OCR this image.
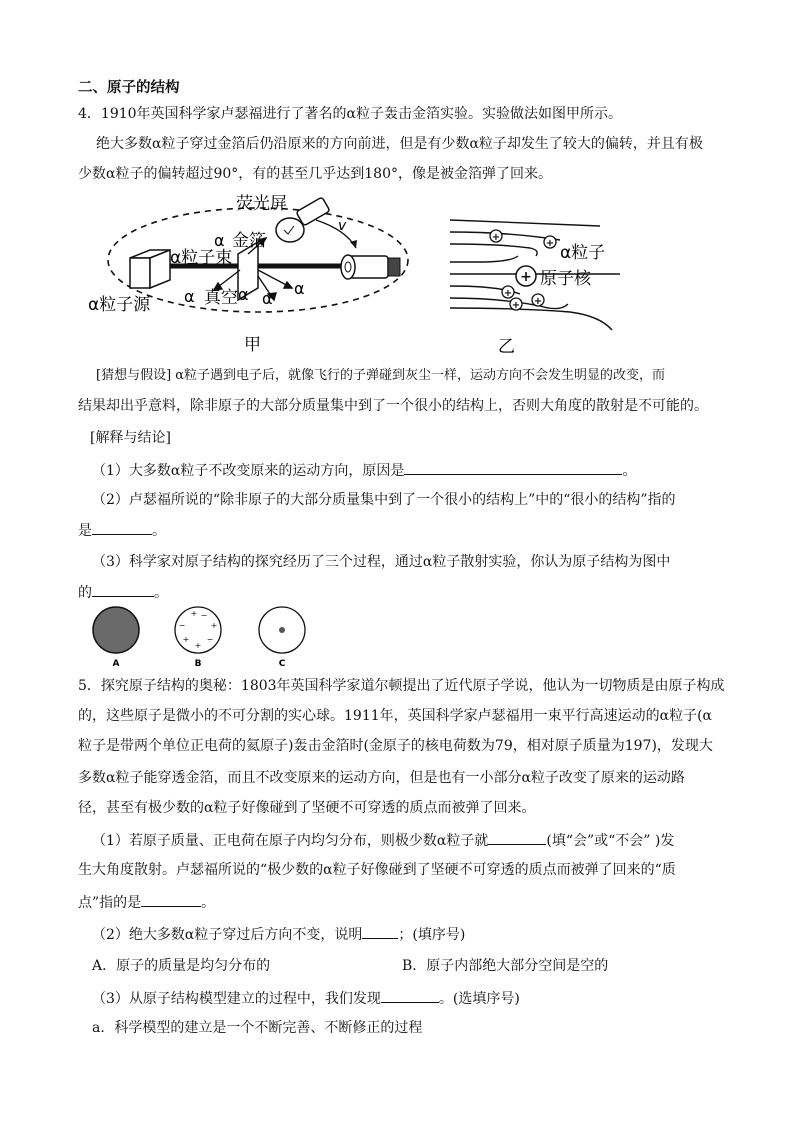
二、原子的结构
4．1910年英国科学家卢瑟福进行了著名的α粒子轰击金箔实验。实验做法如图甲所示。
绝大多数α粒子穿过金箔后仍沿原来的方向前进，但是有少数α粒子却发生了较大的偏转，并且有极
少数α粒子的偏转超过90°，有的甚至几乎达到180°，像是被金箔弹了回来。
荧光屏
金箔
α
α粒子束
α粒子源 α 真空 α α
α
v
甲
+
+
+
+
+
+
α粒子
原子核
乙
[猜想与假设] α粒子遇到电子后，就像飞行的子弹碰到灰尘一样，运动方向不会发生明显的改变，而
结果却出乎意料，除非原子的大部分质量集中到了一个很小的结构上，否则大角度的散射是不可能的。
[解释与结论]
（1）大多数α粒子不改变原来的运动方向，原因是	。
（2）卢瑟福所说的“除非原子的大部分质量集中到了一个很小的结构上”中的“很小的结构”指的
是	。
（3）科学家对原子结构的探究经历了三个过程，通过α粒子散射实验，你认为原子结构为图中
的	。
+ −
−	+
+ −
+
A	B	C
5．探究原子结构的奥秘：1803年英国科学家道尔顿提出了近代原子学说，他认为一切物质是由原子构成
的，这些原子是微小的不可分割的实心球。1911年，英国科学家卢瑟福用一束平行高速运动的α粒子(α
粒子是带两个单位正电荷的氦原子)轰击金箔时(金原子的核电荷数为79，相对原子质量为197)，发现大
多数α粒子能穿透金箔，而且不改变原来的运动方向，但是也有一小部分α粒子改变了原来的运动路
径，甚至有极少数的α粒子好像碰到了坚硬不可穿透的质点而被弹了回来。
（1）若原子质量、正电荷在原子内均匀分布，则极少数α粒子就	(填“会”或“不会” )发
生大角度散射。卢瑟福所说的“极少数的α粒子好像碰到了坚硬不可穿透的质点而被弹了回来的“质
点”指的是	。
（2）绝大多数α粒子穿过后方向不变，说明	；(填序号)
A．原子的质量是均匀分布的	B．原子内部绝大部分空间是空的
（3）从原子结构模型建立的过程中，我们发现	。(选填序号)
a．科学模型的建立是一个不断完善、不断修正的过程
